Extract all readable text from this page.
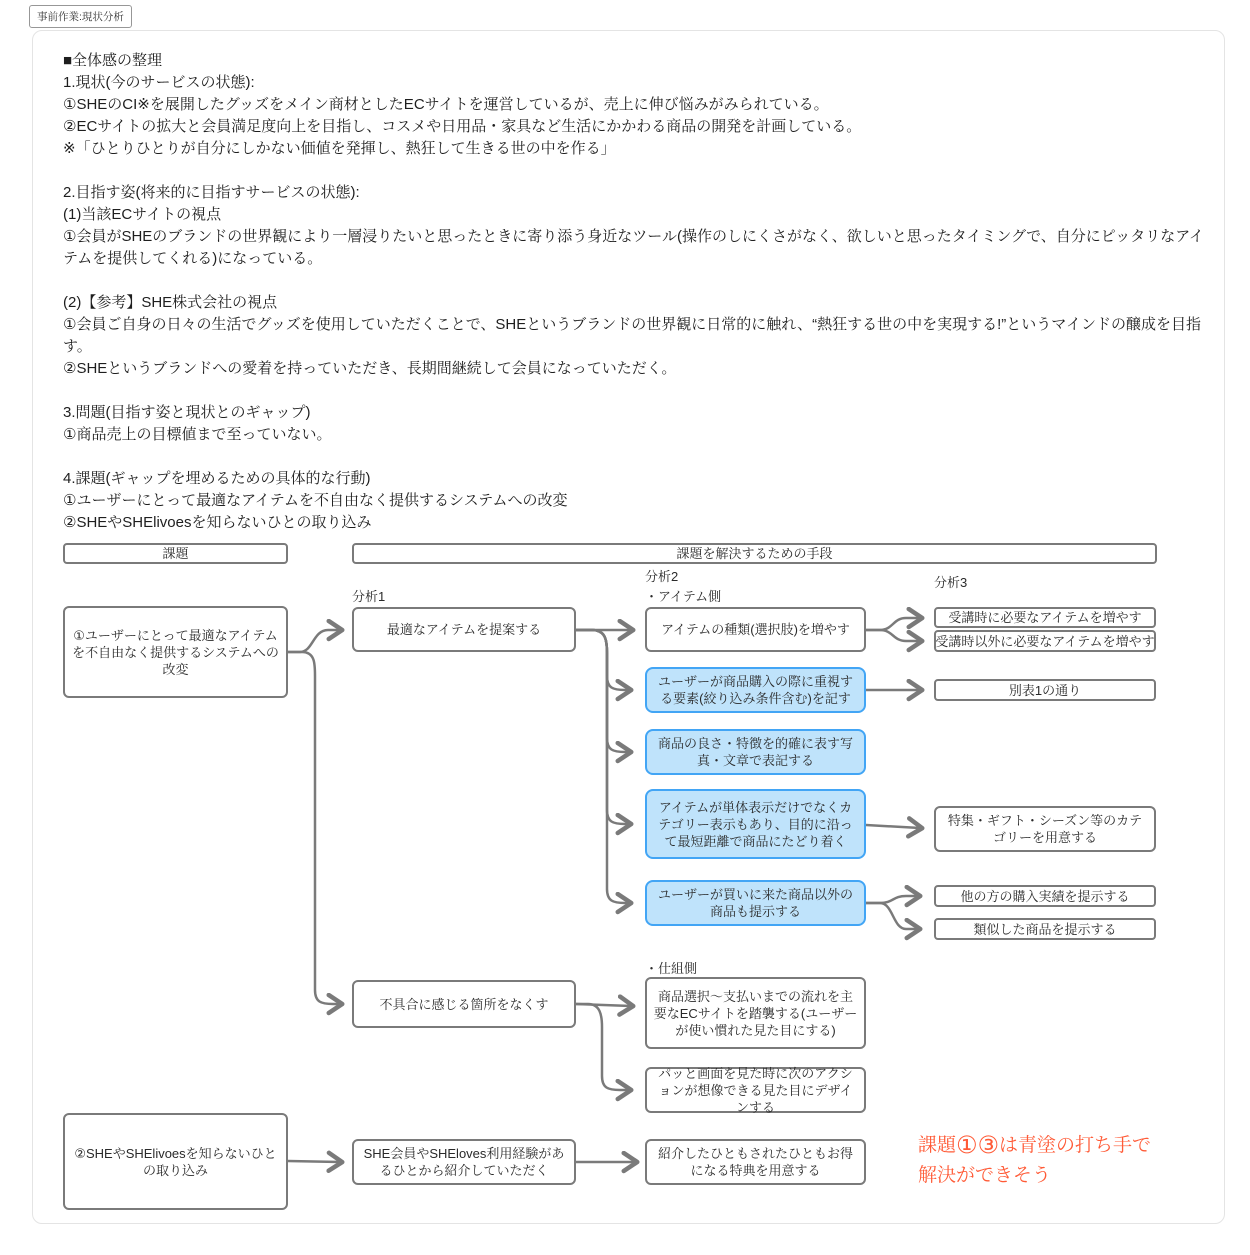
事前作業:現状分析
■全体感の整理
1.現状(今のサービスの状態):
①SHEのCI※を展開したグッズをメイン商材としたECサイトを運営しているが、売上に伸び悩みがみられている。
②ECサイトの拡大と会員満足度向上を目指し、コスメや日用品・家具など生活にかかわる商品の開発を計画している。
※「ひとりひとりが自分にしかない価値を発揮し、熱狂して生きる世の中を作る」
2.目指す姿(将来的に目指すサービスの状態):
(1)当該ECサイトの視点
①会員がSHEのブランドの世界観により一層浸りたいと思ったときに寄り添う身近なツール(操作のしにくさがなく、欲しいと思ったタイミングで、自分にピッタリなアイテムを提供してくれる)になっている。
(2)【参考】SHE株式会社の視点
①会員ご自身の日々の生活でグッズを使用していただくことで、SHEというブランドの世界観に日常的に触れ、“熱狂する世の中を実現する!”というマインドの醸成を目指す。
②SHEというブランドへの愛着を持っていただき、長期間継続して会員になっていただく。
3.問題(目指す姿と現状とのギャップ)
①商品売上の目標値まで至っていない。
4.課題(ギャップを埋めるための具体的な行動)
①ユーザーにとって最適なアイテムを不自由なく提供するシステムへの改変
②SHEやSHElivoesを知らないひとの取り込み
課題	課題を解決するための手段
分析1
分析2
・アイテム側
分析3
・仕組側
①ユーザーにとって最適なアイテムを不自由なく提供するシステムへの改変
最適なアイテムを提案する	アイテムの種類(選択肢)を増やす
受講時に必要なアイテムを増やす
受講時以外に必要なアイテムを増やす
ユーザーが商品購入の際に重視する要素(絞り込み条件含む)を記す
別表1の通り
商品の良さ・特徴を的確に表す写真・文章で表記する
アイテムが単体表示だけでなくカテゴリー表示もあり、目的に沿って最短距離で商品にたどり着く
特集・ギフト・シーズン等のカテゴリーを用意する
ユーザーが買いに来た商品以外の商品も提示する
他の方の購入実績を提示する
類似した商品を提示する
不具合に感じる箇所をなくす
商品選択〜支払いまでの流れを主要なECサイトを踏襲する(ユーザーが使い慣れた見た目にする)
パッと画面を見た時に次のアクションが想像できる見た目にデザインする
②SHEやSHElivoesを知らないひとの取り込み
SHE会員やSHEloves利用経験があるひとから紹介していただく
紹介したひともされたひともお得になる特典を用意する
課題①③は青塗の打ち手で
解決ができそう
